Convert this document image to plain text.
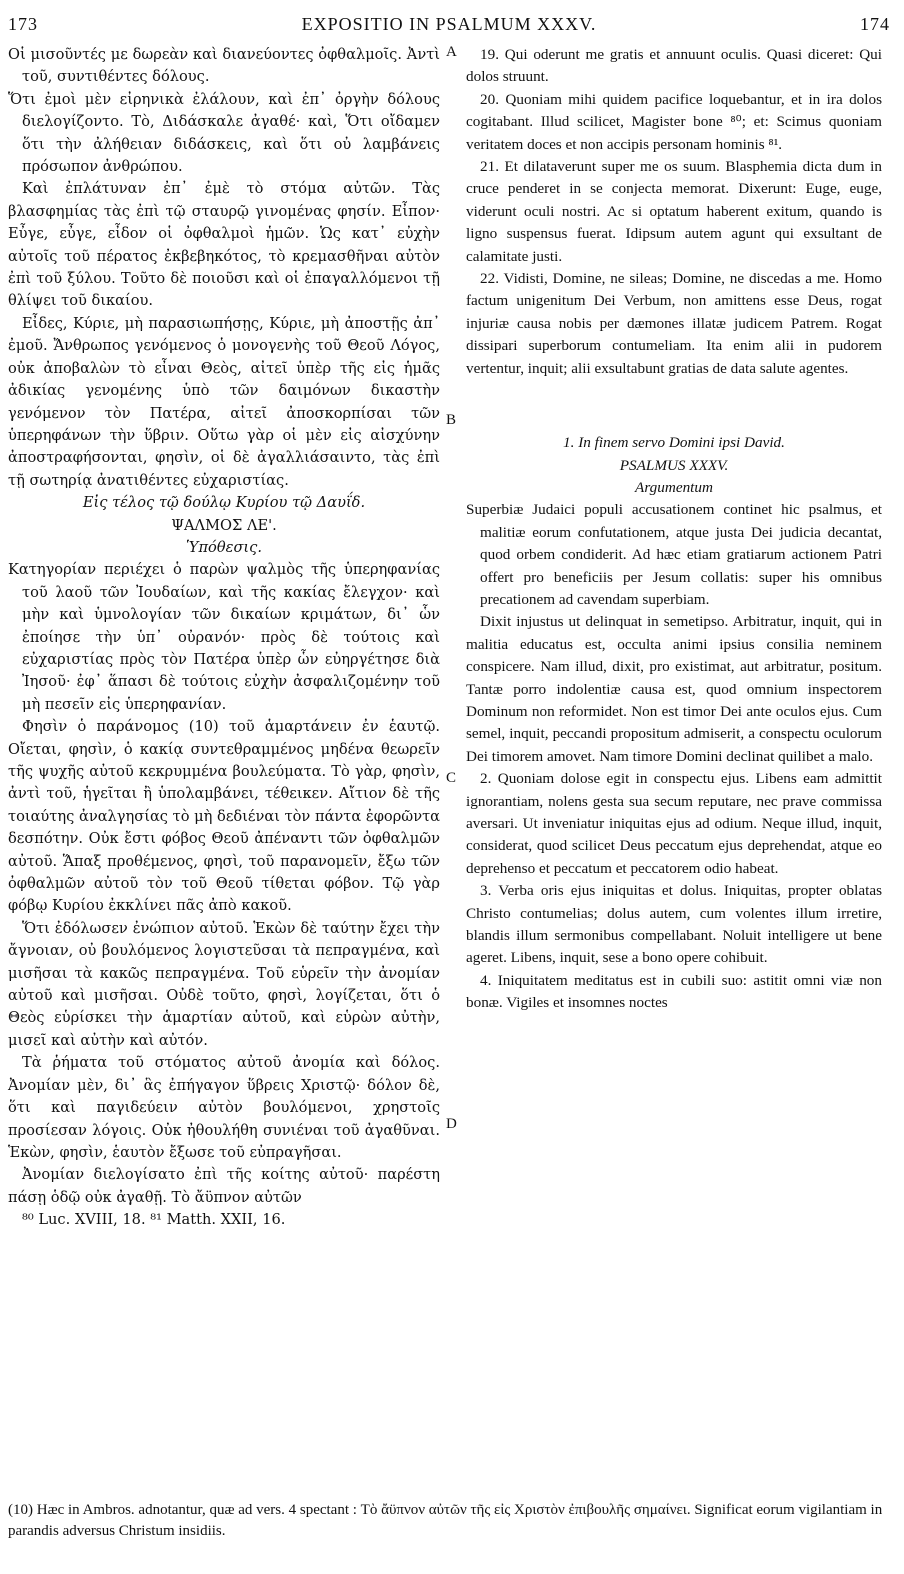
173	EXPOSITIO IN PSALMUM XXXV.	174

Οἱ μισοῦντές με δωρεὰν καὶ διανεύοντες ὀφθαλμοῖς. Ἀντὶ τοῦ, συντιθέντες δόλους.

Ὅτι ἐμοὶ μὲν εἰρηνικὰ ἐλάλουν, καὶ ἐπ᾽ ὀργὴν δόλους διελογίζοντο. Τὸ, Διδάσκαλε ἀγαθέ· καὶ, Ὅτι οἴδαμεν ὅτι τὴν ἀλήθειαν διδάσκεις, καὶ ὅτι οὐ λαμβάνεις πρόσωπον ἀνθρώπου.

Καὶ ἐπλάτυναν ἐπ᾽ ἐμὲ τὸ στόμα αὐτῶν. Τὰς βλασφημίας τὰς ἐπὶ τῷ σταυρῷ γινομένας φησίν. Εἶπον· Εὖγε, εὖγε, εἶδον οἱ ὀφθαλμοὶ ἡμῶν. Ὡς κατ᾽ εὐχὴν αὐτοῖς τοῦ πέρατος ἐκβεβηκότος, τὸ κρεμασθῆναι αὐτὸν ἐπὶ τοῦ ξύλου. Τοῦτο δὲ ποιοῦσι καὶ οἱ ἐπαγαλλόμενοι τῇ θλίψει τοῦ δικαίου.

Εἶδες, Κύριε, μὴ παρασιωπήσῃς, Κύριε, μὴ ἀποστῇς ἀπ᾽ ἐμοῦ. Ἄνθρωπος γενόμενος ὁ μονογενὴς τοῦ Θεοῦ Λόγος, οὐκ ἀποβαλὼν τὸ εἶναι Θεὸς, αἰτεῖ ὑπὲρ τῆς εἰς ἡμᾶς ἀδικίας γενομένης ὑπὸ τῶν δαιμόνων δικαστὴν γενόμενον τὸν Πατέρα, αἰτεῖ ἀποσκορπίσαι τῶν ὑπερηφάνων τὴν ὕβριν. Οὕτω γὰρ οἱ μὲν εἰς αἰσχύνην ἀποστραφήσονται, φησὶν, οἱ δὲ ἀγαλλιάσαιντο, τὰς ἐπὶ τῇ σωτηρίᾳ ἀνατιθέντες εὐχαριστίας.

Εἰς τέλος τῷ δούλῳ Κυρίου τῷ Δαυΐδ.

ΨΑΛΜΟΣ ΛΕ'.

Ὑπόθεσις.

Κατηγορίαν περιέχει ὁ παρὼν ψαλμὸς τῆς ὑπερηφανίας τοῦ λαοῦ τῶν Ἰουδαίων, καὶ τῆς κακίας ἔλεγχον· καὶ μὴν καὶ ὑμνολογίαν τῶν δικαίων κριμάτων, δι᾽ ὧν ἐποίησε τὴν ὑπ᾽ οὐρανόν· πρὸς δὲ τούτοις καὶ εὐχαριστίας πρὸς τὸν Πατέρα ὑπὲρ ὧν εὐηργέτησε διὰ Ἰησοῦ· ἐφ᾽ ἅπασι δὲ τούτοις εὐχὴν ἀσφαλιζομένην τοῦ μὴ πεσεῖν εἰς ὑπερηφανίαν.

Φησὶν ὁ παράνομος (10) τοῦ ἁμαρτάνειν ἐν ἑαυτῷ. Οἴεται, φησὶν, ὁ κακίᾳ συντεθραμμένος μηδένα θεωρεῖν τῆς ψυχῆς αὐτοῦ κεκρυμμένα βουλεύματα. Τὸ γὰρ, φησὶν, ἀντὶ τοῦ, ἡγεῖται ἢ ὑπολαμβάνει, τέθεικεν. Αἴτιον δὲ τῆς τοιαύτης ἀναλγησίας τὸ μὴ δεδιέναι τὸν πάντα ἐφορῶντα δεσπότην. Οὐκ ἔστι φόβος Θεοῦ ἀπέναντι τῶν ὀφθαλμῶν αὐτοῦ. Ἅπαξ προθέμενος, φησὶ, τοῦ παρανομεῖν, ἔξω τῶν ὀφθαλμῶν αὐτοῦ τὸν τοῦ Θεοῦ τίθεται φόβον. Τῷ γὰρ φόβῳ Κυρίου ἐκκλίνει πᾶς ἀπὸ κακοῦ.

Ὅτι ἐδόλωσεν ἐνώπιον αὐτοῦ. Ἑκὼν δὲ ταύτην ἔχει τὴν ἄγνοιαν, οὐ βουλόμενος λογιστεῦσαι τὰ πεπραγμένα, καὶ μισῆσαι τὰ κακῶς πεπραγμένα. Τοῦ εὑρεῖν τὴν ἀνομίαν αὐτοῦ καὶ μισῆσαι. Οὐδὲ τοῦτο, φησὶ, λογίζεται, ὅτι ὁ Θεὸς εὑρίσκει τὴν ἁμαρτίαν αὐτοῦ, καὶ εὑρὼν αὐτὴν, μισεῖ καὶ αὐτὴν καὶ αὐτόν.

Τὰ ῥήματα τοῦ στόματος αὐτοῦ ἀνομία καὶ δόλος. Ἀνομίαν μὲν, δι᾽ ἃς ἐπήγαγον ὕβρεις Χριστῷ· δόλον δὲ, ὅτι καὶ παγιδεύειν αὐτὸν βουλόμενοι, χρηστοῖς προσίεσαν λόγοις. Οὐκ ἠθουλήθη συνιέναι τοῦ ἀγαθῦναι. Ἑκὼν, φησὶν, ἑαυτὸν ἔξωσε τοῦ εὐπραγῆσαι.

Ἀνομίαν διελογίσατο ἐπὶ τῆς κοίτης αὐτοῦ· παρέστη πάσῃ ὁδῷ οὐκ ἀγαθῇ. Τὸ ἄϋπνον αὐτῶν

⁸⁰ Luc. XVIII, 18. ⁸¹ Matth. XXII, 16.

A
B
C
D

19. Qui oderunt me gratis et annuunt oculis. Quasi diceret: Qui dolos struunt.

20. Quoniam mihi quidem pacifice loquebantur, et in ira dolos cogitabant. Illud scilicet, Magister bone ⁸⁰; et: Scimus quoniam veritatem doces et non accipis personam hominis ⁸¹.

21. Et dilataverunt super me os suum. Blasphemia dicta dum in cruce penderet in se conjecta memorat. Dixerunt: Euge, euge, viderunt oculi nostri. Ac si optatum haberent exitum, quando is ligno suspensus fuerat. Idipsum autem agunt qui exsultant de calamitate justi.

22. Vidisti, Domine, ne sileas; Domine, ne discedas a me. Homo factum unigenitum Dei Verbum, non amittens esse Deus, rogat injuriæ causa nobis per dæmones illatæ judicem Patrem. Rogat dissipari superborum contumeliam. Ita enim alii in pudorem vertentur, inquit; alii exsultabunt gratias de data salute agentes.

1. In finem servo Domini ipsi David.

PSALMUS XXXV.

Argumentum

Superbiæ Judaici populi accusationem continet hic psalmus, et malitiæ eorum confutationem, atque justa Dei judicia decantat, quod orbem condiderit. Ad hæc etiam gratiarum actionem Patri offert pro beneficiis per Jesum collatis: super his omnibus precationem ad cavendam superbiam.

Dixit injustus ut delinquat in semetipso. Arbitratur, inquit, qui in malitia educatus est, occulta animi ipsius consilia neminem conspicere. Nam illud, dixit, pro existimat, aut arbitratur, positum. Tantæ porro indolentiæ causa est, quod omnium inspectorem Dominum non reformidet. Non est timor Dei ante oculos ejus. Cum semel, inquit, peccandi propositum admiserit, a conspectu oculorum Dei timorem amovet. Nam timore Domini declinat quilibet a malo.

2. Quoniam dolose egit in conspectu ejus. Libens eam admittit ignorantiam, nolens gesta sua secum reputare, nec prave commissa aversari. Ut inveniatur iniquitas ejus ad odium. Neque illud, inquit, considerat, quod scilicet Deus peccatum ejus deprehendat, atque eo deprehenso et peccatum et peccatorem odio habeat.

3. Verba oris ejus iniquitas et dolus. Iniquitas, propter oblatas Christo contumelias; dolus autem, cum volentes illum irretire, blandis illum sermonibus compellabant. Noluit intelligere ut bene ageret. Libens, inquit, sese a bono opere cohibuit.

4. Iniquitatem meditatus est in cubili suo: astitit omni viæ non bonæ. Vigiles et insomnes noctes

(10) Hæc in Ambros. adnotantur, quæ ad vers. 4 spectant : Τὸ ἄϋπνον αὐτῶν τῆς εἰς Χριστὸν ἐπιβουλῆς σημαίνει. Significat eorum vigilantiam in parandis adversus Christum insidiis.
